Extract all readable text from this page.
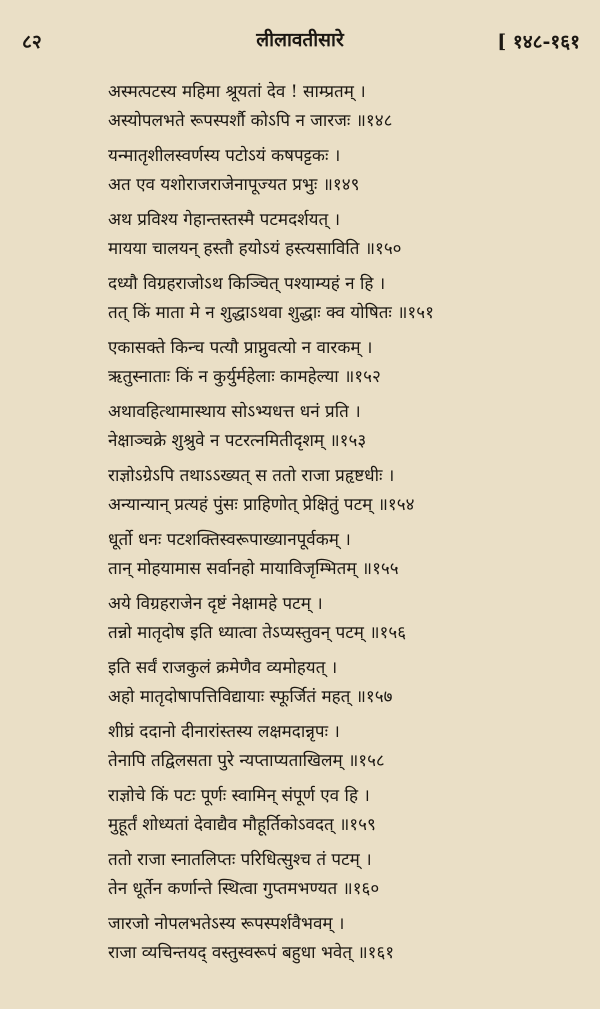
८२	लीलावतीसारे	[ १४८-१६१
अस्मत्पटस्य महिमा श्रूयतां देव ! साम्प्रतम् ।
अस्योपलभते रूपस्पर्शौ कोऽपि न जारजः ॥१४८
यन्मातृशीलस्वर्णस्य पटोऽयं कषपट्टकः ।
अत एव यशोराजराजेनापूज्यत प्रभुः ॥१४९
अथ प्रविश्य गेहान्तस्तस्मै पटमदर्शयत् ।
मायया चालयन् हस्तौ हयोऽयं हस्त्यसाविति ॥१५०
दध्यौ विग्रहराजोऽथ किञ्चित् पश्याम्यहं न हि ।
तत् किं माता मे न शुद्धाऽथवा शुद्धाः क्व योषितः ॥१५१
एकासक्ते किन्च पत्यौ प्राप्नुवत्यो न वारकम् ।
ऋतुस्नाताः किं न कुर्युर्महेलाः कामहेल्या ॥१५२
अथावहित्थामास्थाय सोऽभ्यधत्त धनं प्रति ।
नेक्षाञ्चक्रे शुश्रुवे न पटरत्नमितीदृशम् ॥१५३
राज्ञोऽग्रेऽपि तथाऽऽख्यत् स ततो राजा प्रहृष्टधीः ।
अन्यान्यान् प्रत्यहं पुंसः प्राहिणोत् प्रेक्षितुं पटम् ॥१५४
धूर्तो धनः पटशक्तिस्वरूपाख्यानपूर्वकम् ।
तान् मोहयामास सर्वानहो मायाविजृम्भितम् ॥१५५
अये विग्रहराजेन दृष्टं नेक्षामहे पटम् ।
तन्नो मातृदोष इति ध्यात्वा तेऽप्यस्तुवन् पटम् ॥१५६
इति सर्वं राजकुलं क्रमेणैव व्यमोहयत् ।
अहो मातृदोषापत्तिविद्यायाः स्फूर्जितं महत् ॥१५७
शीघ्रं ददानो दीनारांस्तस्य लक्षमदान्नृपः ।
तेनापि तद्विलसता पुरे न्यप्ताप्यताखिलम् ॥१५८
राज्ञोचे किं पटः पूर्णः स्वामिन् संपूर्ण एव हि ।
मुहूर्तं शोध्यतां देवाद्यैव मौहूर्तिकोऽवदत् ॥१५९
ततो राजा स्नातलिप्तः परिधित्सुश्च तं पटम् ।
तेन धूर्तेन कर्णान्ते स्थित्वा गुप्तमभण्यत ॥१६०
जारजो नोपलभतेऽस्य रूपस्पर्शवैभवम् ।
राजा व्यचिन्तयद् वस्तुस्वरूपं बहुधा भवेत् ॥१६१
